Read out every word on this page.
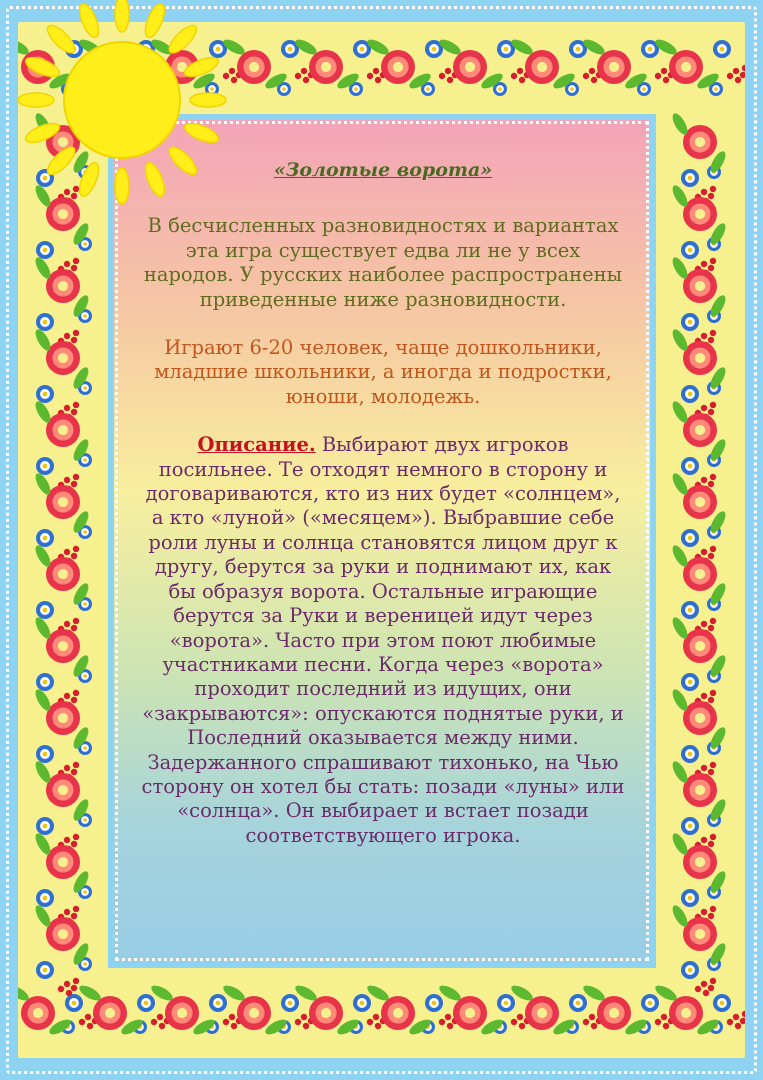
«Золотые ворота»

В бесчисленных разновидностях и вариантах
эта игра существует едва ли не у всех
народов. У русских наиболее распространены
приведенные ниже разновидности.

Играют 6-20 человек, чаще дошкольники,
младшие школьники, а иногда и подростки,
юноши, молодежь.

Описание. Выбирают двух игроков
посильнее. Те отходят немного в сторону и
договариваются, кто из них будет «солнцем»,
а кто «луной» («месяцем»). Выбравшие себе
роли луны и солнца становятся лицом друг к
другу, берутся за руки и поднимают их, как
бы образуя ворота. Остальные играющие
берутся за Руки и вереницей идут через
«ворота». Часто при этом поют любимые
участниками песни. Когда через «ворота»
проходит последний из идущих, они
«закрываются»: опускаются поднятые руки, и
Последний оказывается между ними.
Задержанного спрашивают тихонько, на Чью
сторону он хотел бы стать: позади «луны» или
«солнца». Он выбирает и встает позади
соответствующего игрока.
